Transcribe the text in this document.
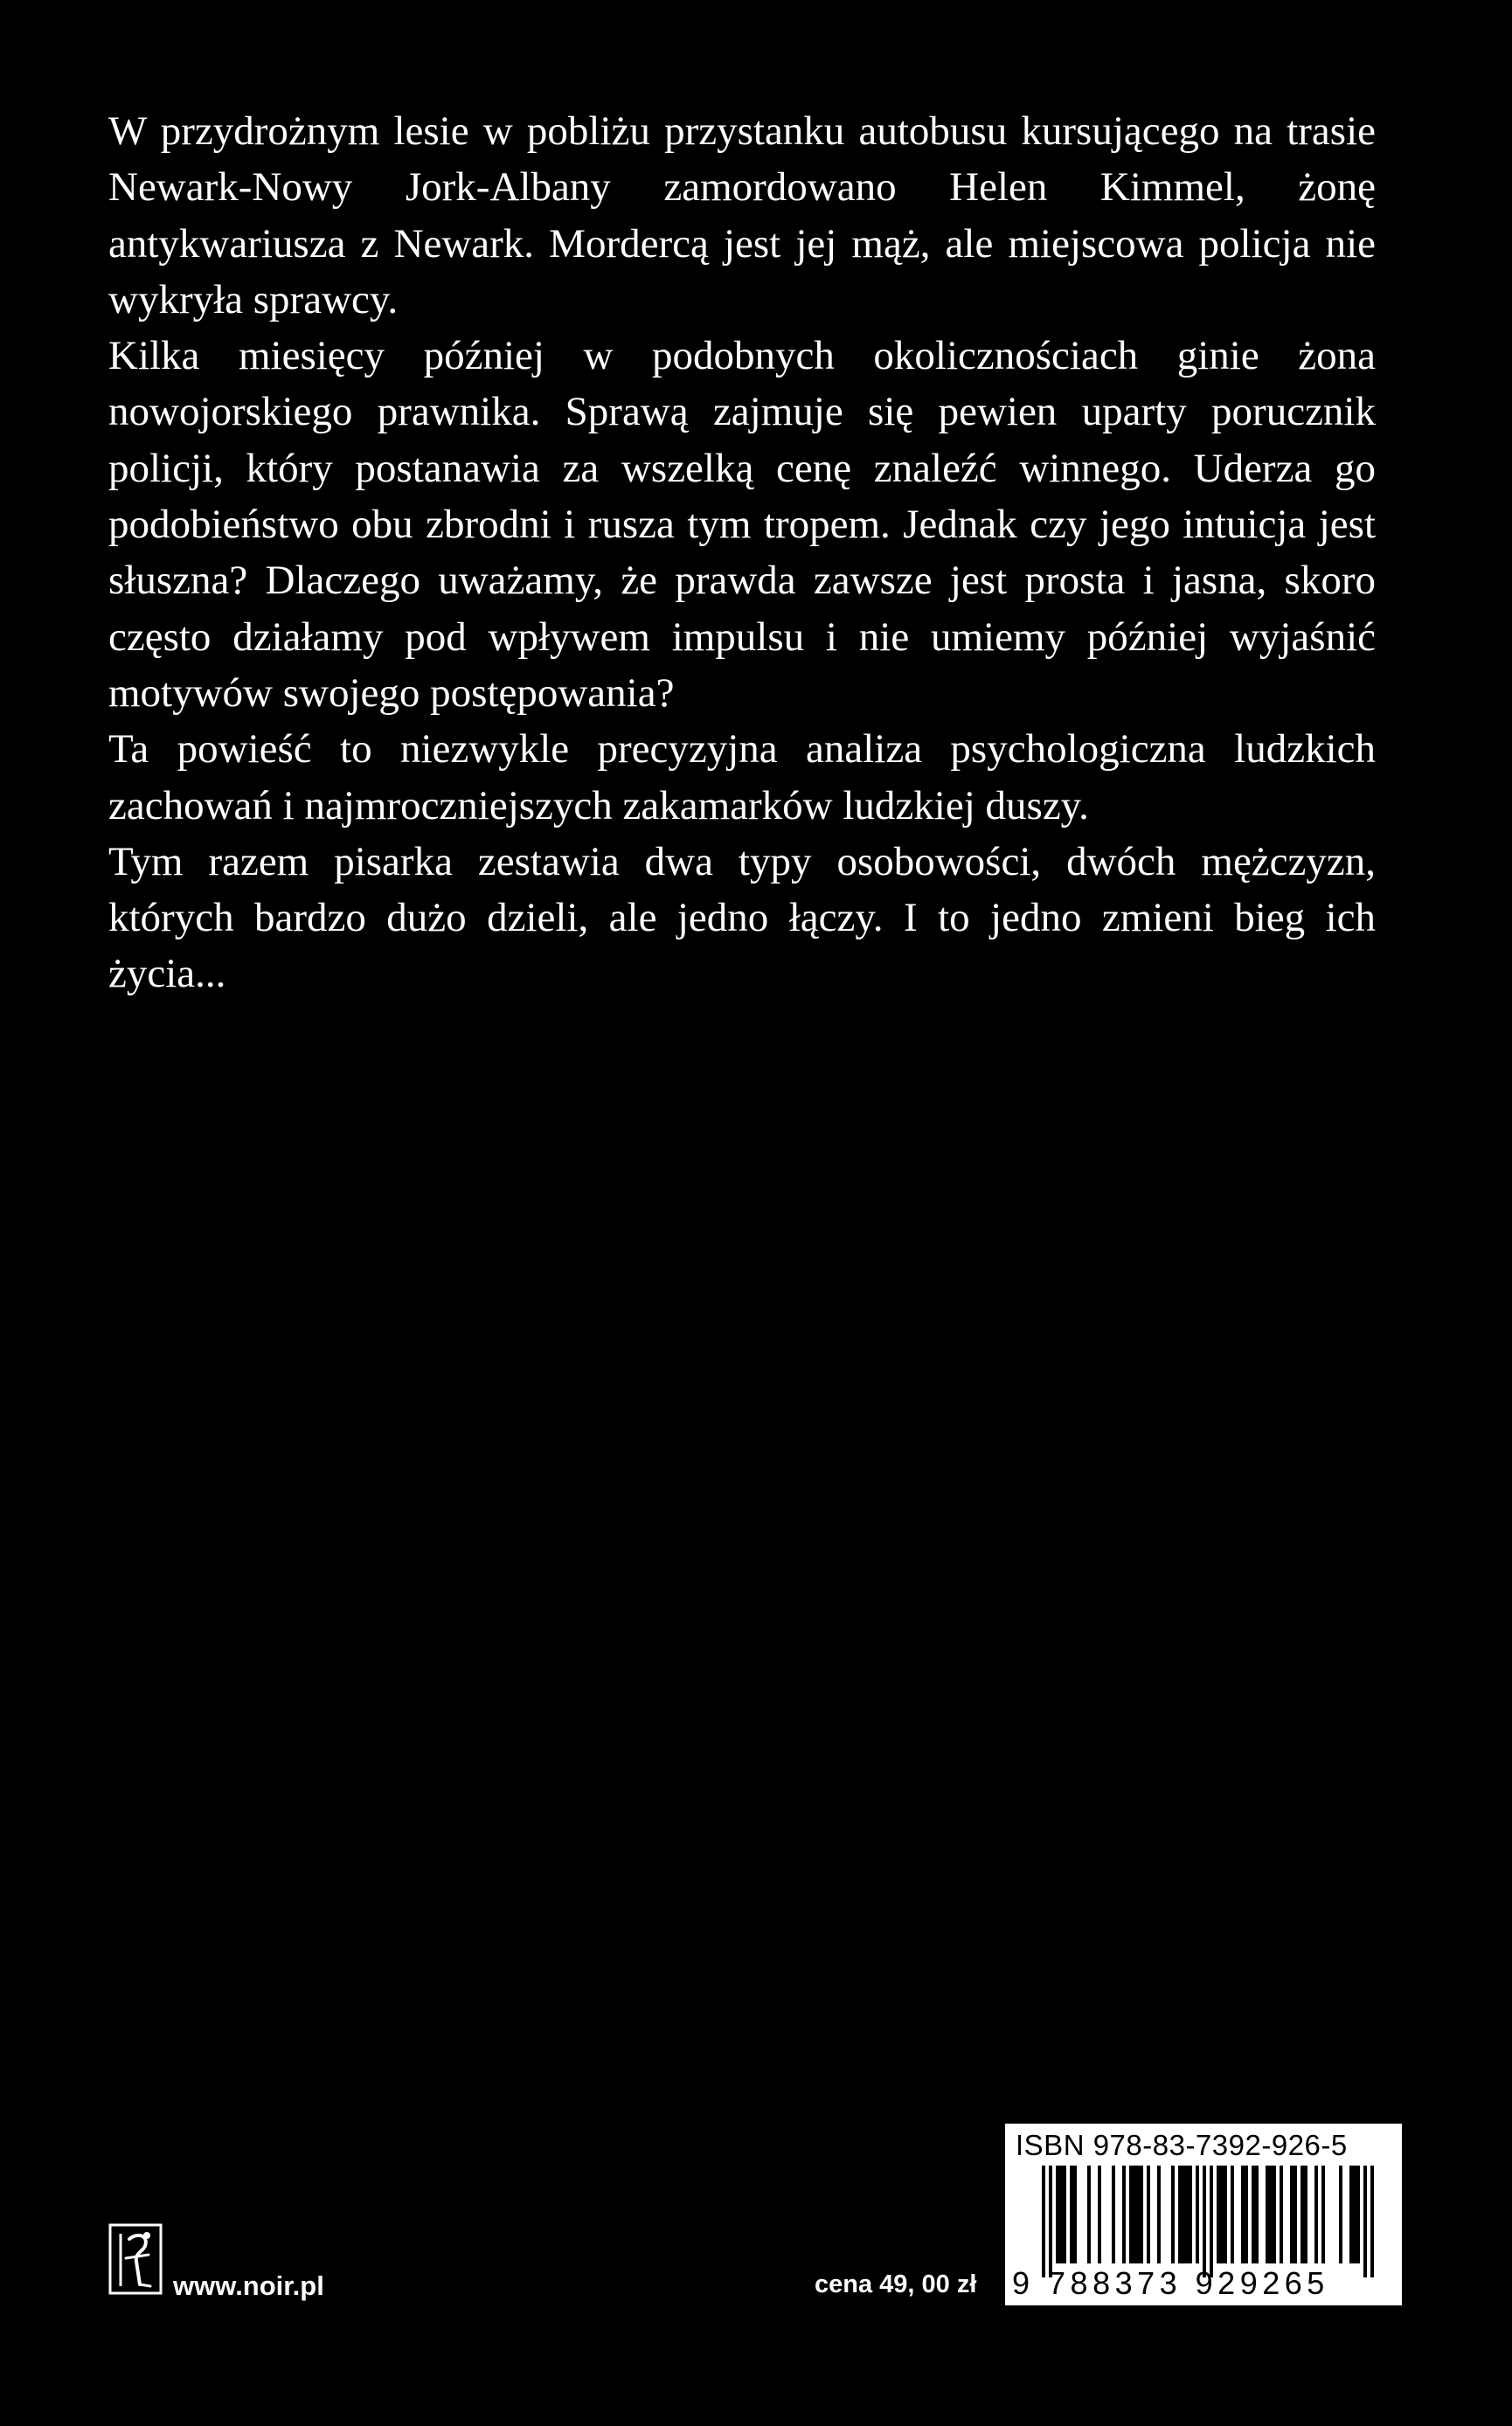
W przydrożnym lesie w pobliżu przystanku autobusu kursującego na trasie Newark-Nowy Jork-Albany zamordowano Helen Kimmel, żonę antykwariusza z Newark. Mordercą jest jej mąż, ale miejscowa policja nie wykryła sprawcy.

Kilka miesięcy później w podobnych okolicznościach ginie żona nowojorskiego prawnika. Sprawą zajmuje się pewien uparty porucznik policji, który postanawia za wszelką cenę znaleźć winnego. Uderza go podobieństwo obu zbrodni i rusza tym tropem. Jednak czy jego intuicja jest słuszna? Dlaczego uważamy, że prawda zawsze jest prosta i jasna, skoro często działamy pod wpływem impulsu i nie umiemy później wyjaśnić motywów swojego postępowania?

Ta powieść to niezwykle precyzyjna analiza psychologiczna ludzkich zachowań i najmroczniejszych zakamarków ludzkiej duszy.

Tym razem pisarka zestawia dwa typy osobowości, dwóch mężczyzn, których bardzo dużo dzieli, ale jedno łączy. I to jedno zmieni bieg ich życia...

www.noir.pl	cena 49, 00 zł
ISBN 978-83-7392-926-5
9 788373 929265
